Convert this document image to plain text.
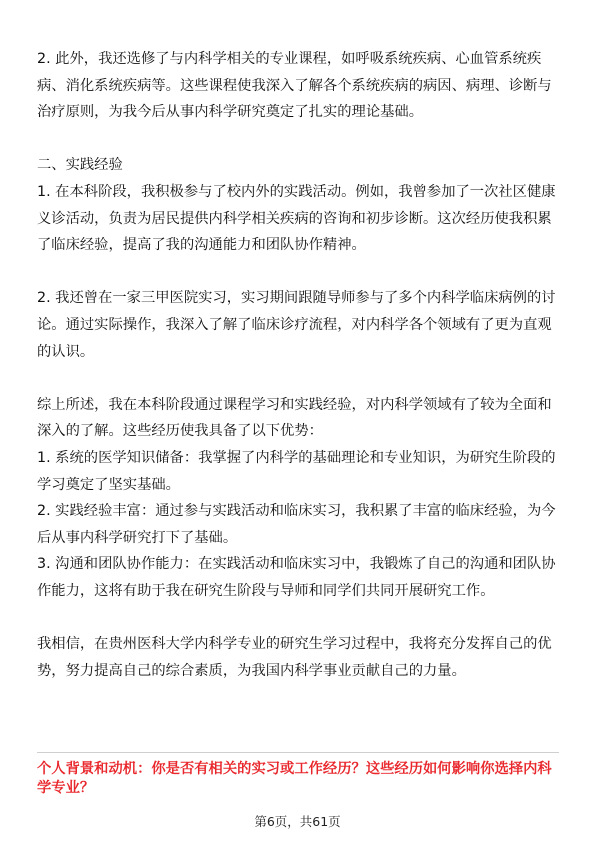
2. 此外，我还选修了与内科学相关的专业课程，如呼吸系统疾病、心血管系统疾病、消化系统疾病等。这些课程使我深入了解各个系统疾病的病因、病理、诊断与治疗原则，为我今后从事内科学研究奠定了扎实的理论基础。

二、实践经验

1. 在本科阶段，我积极参与了校内外的实践活动。例如，我曾参加了一次社区健康义诊活动，负责为居民提供内科学相关疾病的咨询和初步诊断。这次经历使我积累了临床经验，提高了我的沟通能力和团队协作精神。

2. 我还曾在一家三甲医院实习，实习期间跟随导师参与了多个内科学临床病例的讨论。通过实际操作，我深入了解了临床诊疗流程，对内科学各个领域有了更为直观的认识。

综上所述，我在本科阶段通过课程学习和实践经验，对内科学领域有了较为全面和深入的了解。这些经历使我具备了以下优势：

1. 系统的医学知识储备：我掌握了内科学的基础理论和专业知识，为研究生阶段的学习奠定了坚实基础。

2. 实践经验丰富：通过参与实践活动和临床实习，我积累了丰富的临床经验，为今后从事内科学研究打下了基础。

3. 沟通和团队协作能力：在实践活动和临床实习中，我锻炼了自己的沟通和团队协作能力，这将有助于我在研究生阶段与导师和同学们共同开展研究工作。

我相信，在贵州医科大学内科学专业的研究生学习过程中，我将充分发挥自己的优势，努力提高自己的综合素质，为我国内科学事业贡献自己的力量。

个人背景和动机：你是否有相关的实习或工作经历？这些经历如何影响你选择内科学专业？

第6页，共61页
